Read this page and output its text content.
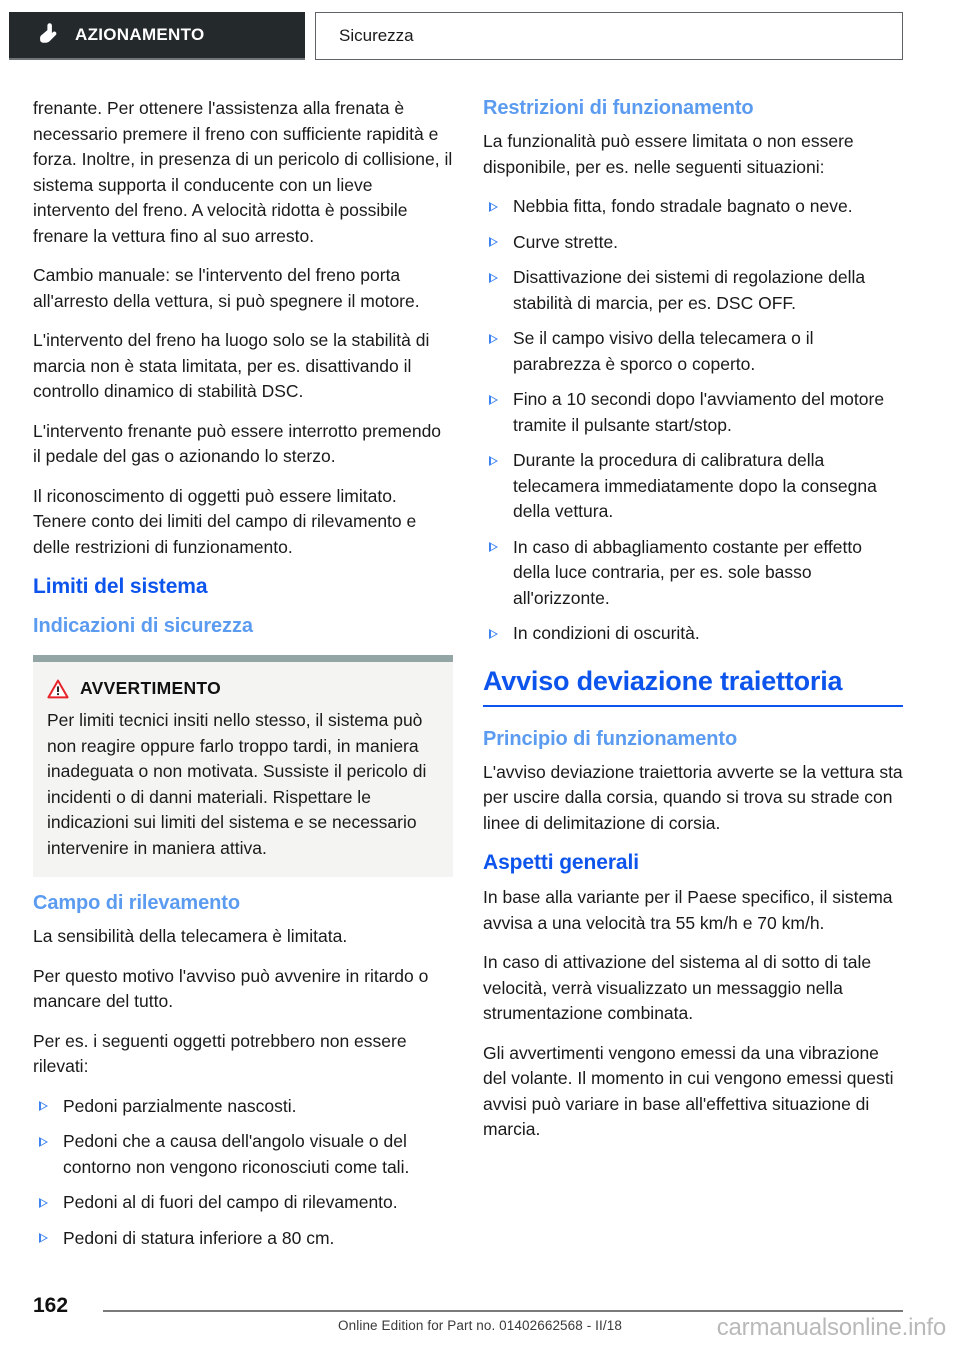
AZIONAMENTO	Sicurezza

frenante. Per ottenere l'assistenza alla frenata è necessario premere il freno con sufficiente rapidità e forza. Inoltre, in presenza di un pericolo di collisione, il sistema supporta il conducente con un lieve intervento del freno. A velocità ridotta è possibile frenare la vettura fino al suo arresto.

Cambio manuale: se l'intervento del freno porta all'arresto della vettura, si può spegnere il motore.

L'intervento del freno ha luogo solo se la stabilità di marcia non è stata limitata, per es. disattivando il controllo dinamico di stabilità DSC.

L'intervento frenante può essere interrotto premendo il pedale del gas o azionando lo sterzo.

Il riconoscimento di oggetti può essere limitato. Tenere conto dei limiti del campo di rilevamento e delle restrizioni di funzionamento.

Limiti del sistema
Indicazioni di sicurezza
AVVERTIMENTO

Per limiti tecnici insiti nello stesso, il sistema può non reagire oppure farlo troppo tardi, in maniera inadeguata o non motivata. Sussiste il pericolo di incidenti o di danni materiali. Rispettare le indicazioni sui limiti del sistema e se necessario intervenire in maniera attiva.

Campo di rilevamento

La sensibilità della telecamera è limitata.

Per questo motivo l'avviso può avvenire in ritardo o mancare del tutto.

Per es. i seguenti oggetti potrebbero non essere rilevati:

Pedoni parzialmente nascosti.
Pedoni che a causa dell'angolo visuale o del contorno non vengono riconosciuti come tali.
Pedoni al di fuori del campo di rilevamento.
Pedoni di statura inferiore a 80 cm.
Restrizioni di funzionamento

La funzionalità può essere limitata o non essere disponibile, per es. nelle seguenti situazioni:

Nebbia fitta, fondo stradale bagnato o neve.
Curve strette.
Disattivazione dei sistemi di regolazione della stabilità di marcia, per es. DSC OFF.
Se il campo visivo della telecamera o il parabrezza è sporco o coperto.
Fino a 10 secondi dopo l'avviamento del motore tramite il pulsante start/stop.
Durante la procedura di calibratura della telecamera immediatamente dopo la consegna della vettura.
In caso di abbagliamento costante per effetto della luce contraria, per es. sole basso all'orizzonte.
In condizioni di oscurità.
Avviso deviazione traiettoria
Principio di funzionamento

L'avviso deviazione traiettoria avverte se la vettura sta per uscire dalla corsia, quando si trova su strade con linee di delimitazione di corsia.

Aspetti generali

In base alla variante per il Paese specifico, il sistema avvisa a una velocità tra 55 km/h e 70 km/h.

In caso di attivazione del sistema al di sotto di tale velocità, verrà visualizzato un messaggio nella strumentazione combinata.

Gli avvertimenti vengono emessi da una vibrazione del volante. Il momento in cui vengono emessi questi avvisi può variare in base all'effettiva situazione di marcia.

162
Online Edition for Part no. 01402662568 - II/18	carmanualsonline.info
